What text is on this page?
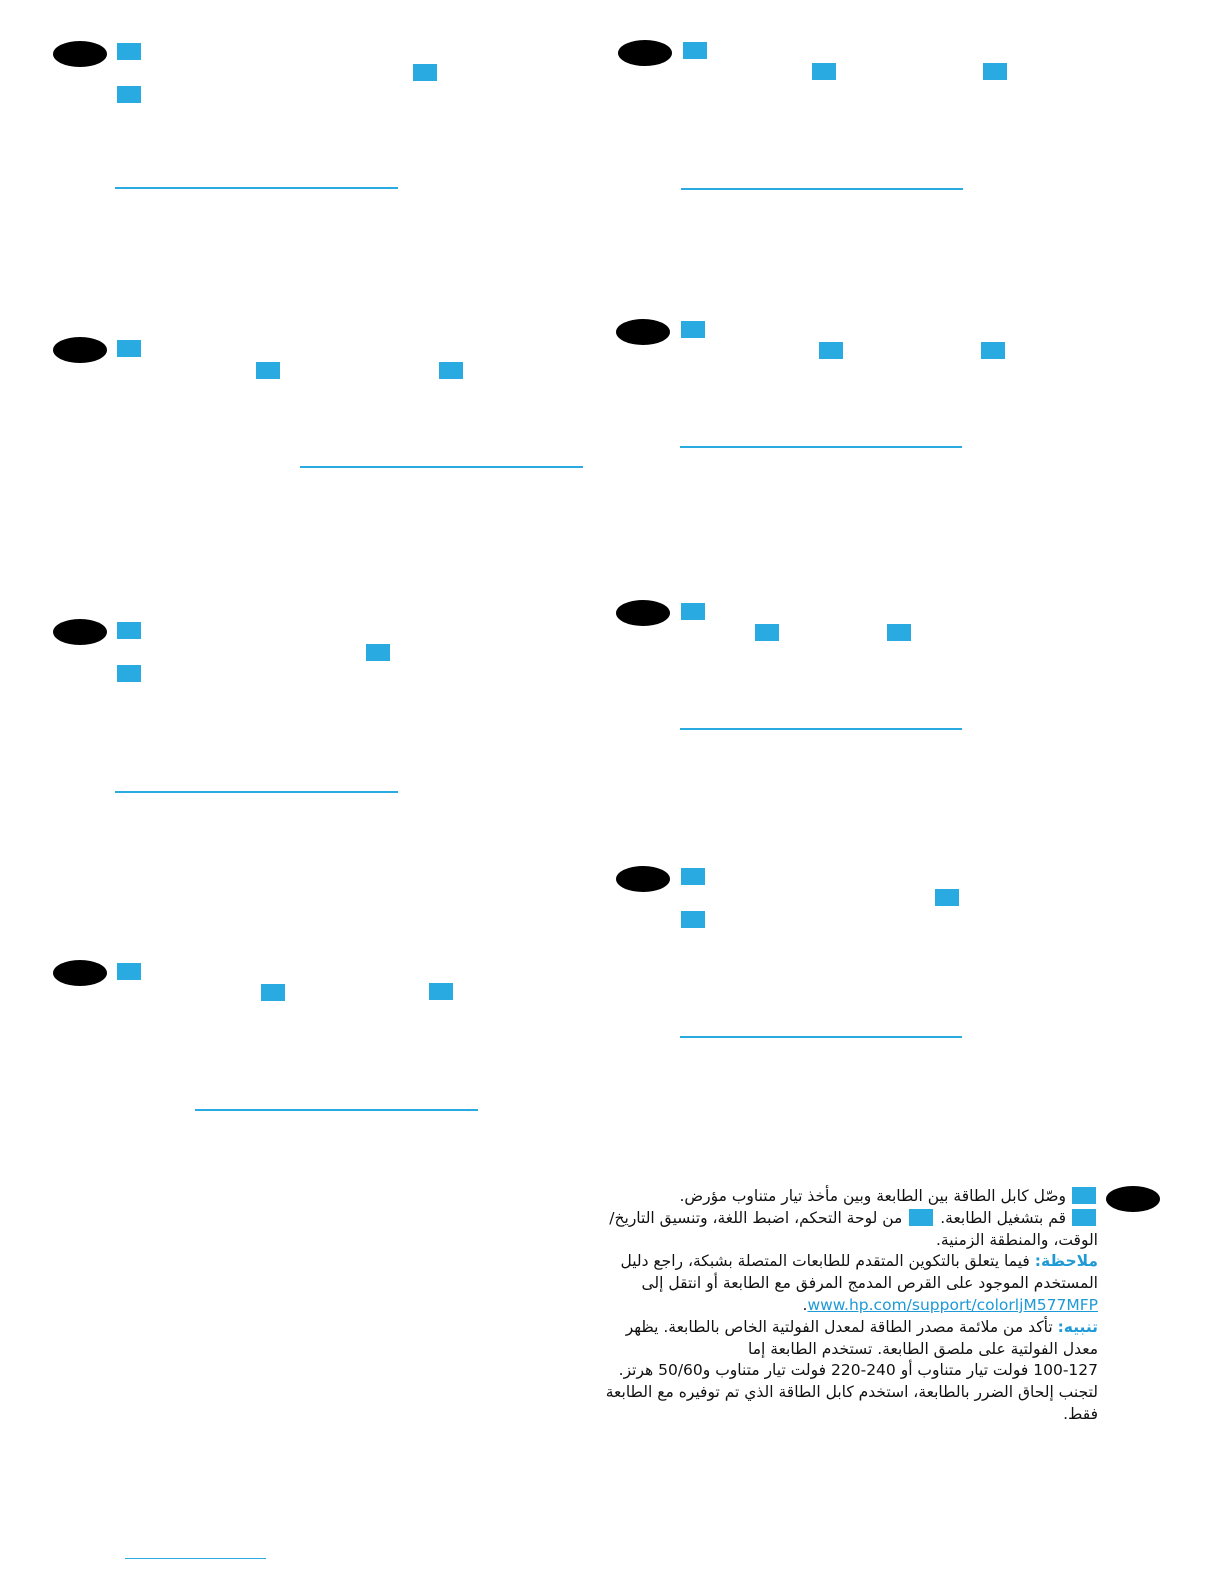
وصّل كابل الطاقة بين الطابعة وبين مأخذ تيار متناوب مؤرض.

قم بتشغيل الطابعة.  من لوحة التحكم، اضبط اللغة، وتنسيق التاريخ/الوقت، والمنطقة الزمنية.

ملاحظة: فيما يتعلق بالتكوين المتقدم للطابعات المتصلة بشبكة، راجع دليل المستخدم الموجود على القرص المدمج المرفق مع الطابعة أو انتقل إلى www.hp.com/support/colorljM577MFP.

تنبيه: تأكد من ملائمة مصدر الطاقة لمعدل الفولتية الخاص بالطابعة. يظهر معدل الفولتية على ملصق الطابعة. تستخدم الطابعة إما

100-127 فولت تيار متناوب أو 240-220 فولت تيار متناوب و50/60 هرتز. لتجنب إلحاق الضرر بالطابعة، استخدم كابل الطاقة الذي تم توفيره مع الطابعة فقط.
